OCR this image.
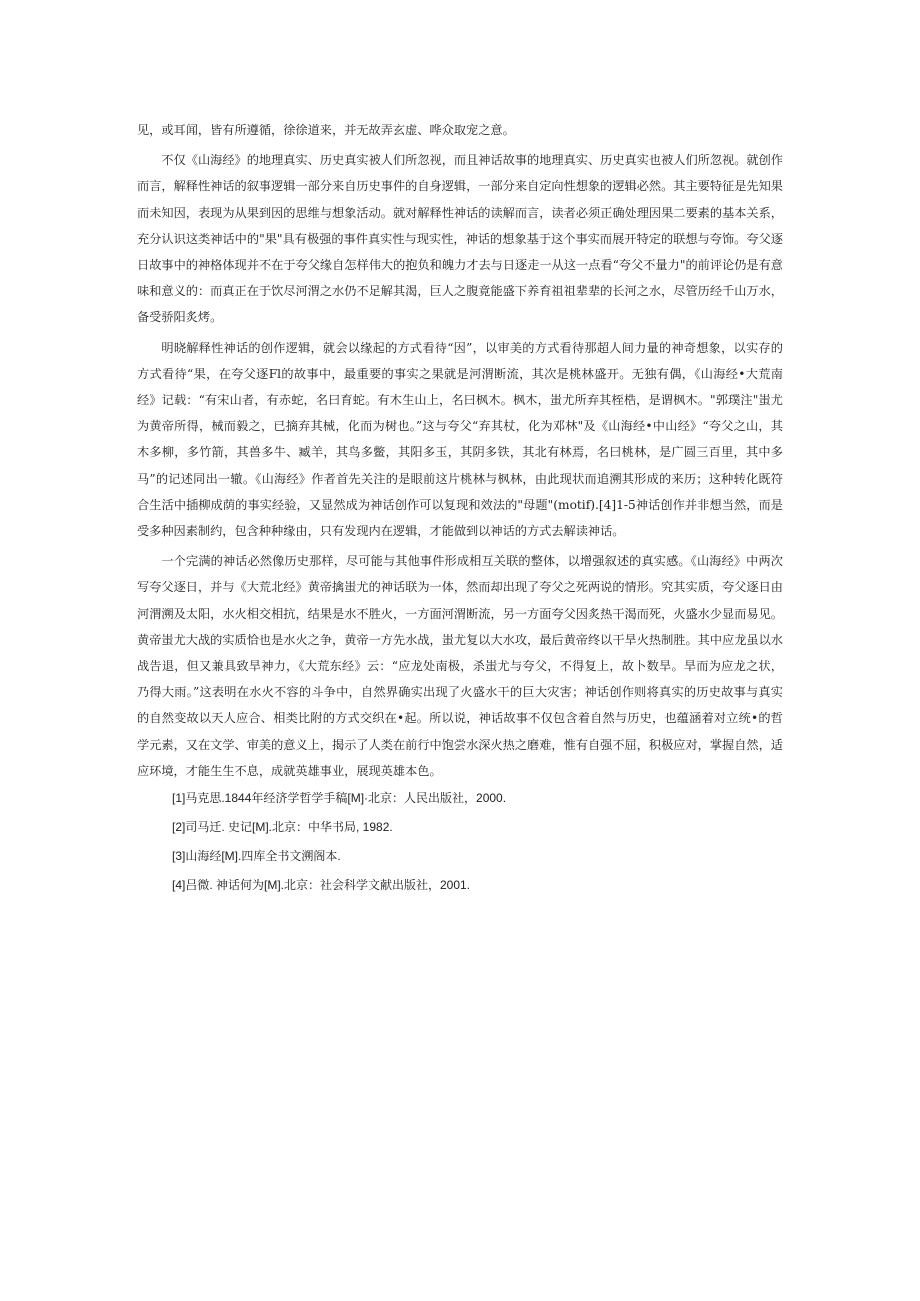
见，或耳闻，皆有所遵循，徐徐道来，并无故弄玄虚、哗众取宠之意。

不仅《山海经》的地理真实、历史真实被人们所忽视，而且神话故事的地理真实、历史真实也被人们所忽视。就创作而言，解释性神话的叙事逻辑一部分来自历史事件的自身逻辑，一部分来自定向性想象的逻辑必然。其主要特征是先知果而未知因，表现为从果到因的思维与想象活动。就对解释性神话的读解而言，读者必须正确处理因果二要素的基本关系，充分认识这类神话中的"果"具有极强的事件真实性与现实性，神话的想象基于这个事实而展开特定的联想与夸饰。夸父逐日故事中的神格体现并不在于夸父缘自怎样伟大的抱负和魄力才去与日逐走一从这一点看“夸父不量力"的前评论仍是有意味和意义的：而真正在于饮尽河渭之水仍不足解其渴，巨人之腹竟能盛下养育祖祖辈辈的长河之水，尽管历经千山万水，备受骄阳炙烤。

明晓解释性神话的创作逻辑，就会以缘起的方式看待“因”，以审美的方式看待那超人间力量的神奇想象，以实存的方式看待“果，在夸父逐Fl的故事中，最重要的事实之果就是河渭断流，其次是桃林盛开。无独有偶，《山海经•大荒南经》记载：“有宋山者，有赤蛇，名曰育蛇。有木生山上，名曰枫木。枫木，蚩尤所弃其桎梏，是谓枫木。"郭璞注"蚩尤为黄帝所得，械而毅之，已摘弃其械，化而为树也。”这与夸父“弃其杖，化为邓林"及《山海经•中山经》“夸父之山，其木多柳，多竹箭，其兽多牛、臧羊，其鸟多鳖，其阳多玉，其阴多铁，其北有林焉，名曰桃林，是广圆三百里，其中多马”的记述同出一辙。《山海经》作者首先关注的是眼前这片桃林与枫林，由此现状而追溯其形成的来历；这种转化既符合生活中插柳成荫的事实经验，又显然成为神话创作可以复现和效法的"母题"(motif).[4]1-5神话创作并非想当然，而是受多种因素制约，包含种种缘由，只有发现内在逻辑，才能做到以神话的方式去解读神话。

一个完满的神话必然像历史那样，尽可能与其他事件形成相互关联的整体，以增强叙述的真实感。《山海经》中两次写夸父逐日，并与《大荒北经》黄帝擒蚩尤的神话联为一体，然而却出现了夸父之死两说的情形。究其实质，夸父逐日由河渭溯及太阳，水火相交相抗，结果是水不胜火，一方面河渭断流，另一方面夸父因炙热干渴而死，火盛水少显而易见。黄帝蚩尤大战的实质恰也是水火之争，黄帝一方先水战，蚩尤复以大水攻，最后黄帝终以干旱火热制胜。其中应龙虽以水战告退，但又兼具致旱神力，《大荒东经》云：“应龙处南极，杀蚩尤与夸父，不得复上，故卜数旱。旱而为应龙之状，乃得大雨。”这表明在水火不容的斗争中，自然界确实出现了火盛水干的巨大灾害；神话创作则将真实的历史故事与真实的自然变故以天人应合、相类比附的方式交织在•起。所以说，神话故事不仅包含着自然与历史，也蕴涵着对立统•的哲学元素，又在文学、审美的意义上，揭示了人类在前行中饱尝水深火热之磨难，惟有自强不屈，积极应对，掌握自然，适应环境，才能生生不息，成就英雄事业，展现英雄本色。

[1]马克思.1844年经济学哲学手稿[M]·北京：人民出版社，2000.
[2]司马迁. 史记[M].北京：中华书局, 1982.
[3]山海经[M].四库全书文溯阁本.
[4]吕微. 神话何为[M].北京：社会科学文献出版社，2001.
